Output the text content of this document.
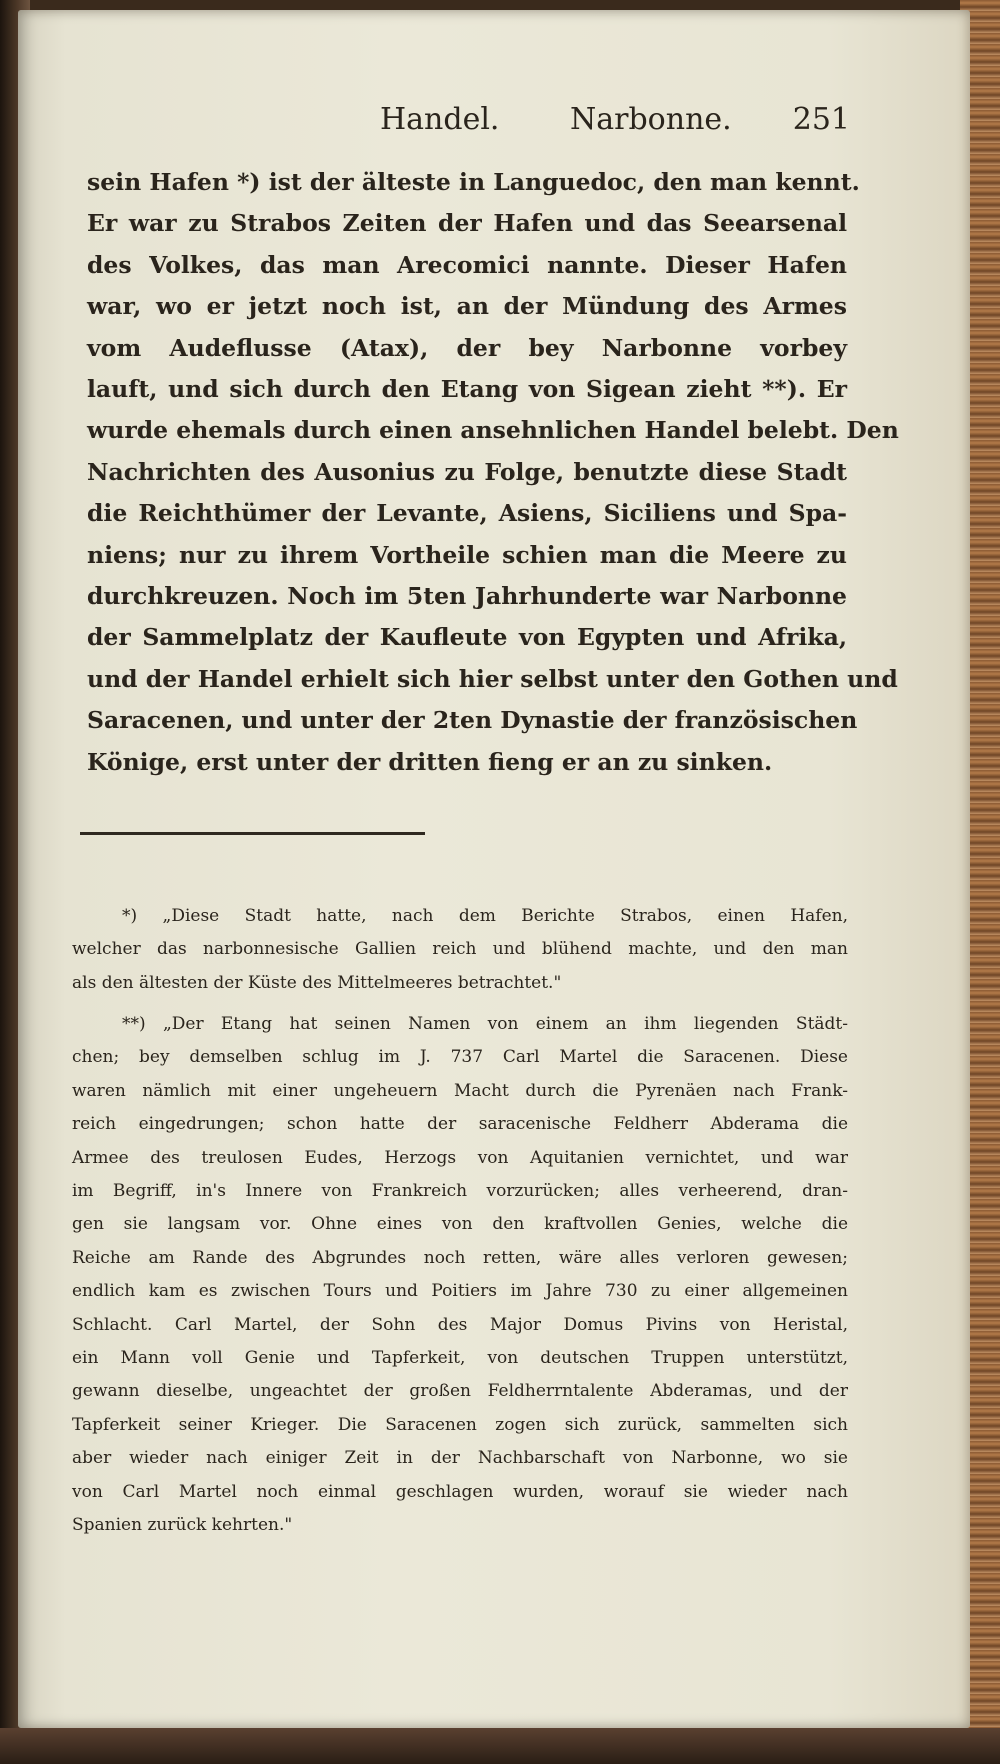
Handel. Narbonne. 251
sein Hafen *) ist der älteste in Languedoc, den man kennt.
Er war zu Strabos Zeiten der Hafen und das Seearsenal
des Volkes, das man Arecomici nannte. Dieser Hafen
war, wo er jetzt noch ist, an der Mündung des Armes
vom Audeflusse (Atax), der bey Narbonne vorbey
lauft, und sich durch den Etang von Sigean zieht **). Er
wurde ehemals durch einen ansehnlichen Handel belebt. Den
Nachrichten des Ausonius zu Folge, benutzte diese Stadt
die Reichthümer der Levante, Asiens, Siciliens und Spa-
niens; nur zu ihrem Vortheile schien man die Meere zu
durchkreuzen. Noch im 5ten Jahrhunderte war Narbonne
der Sammelplatz der Kaufleute von Egypten und Afrika,
und der Handel erhielt sich hier selbst unter den Gothen und
Saracenen, und unter der 2ten Dynastie der französischen
Könige, erst unter der dritten fieng er an zu sinken.
*) „Diese Stadt hatte, nach dem Berichte Strabos, einen Hafen,
welcher das narbonnesische Gallien reich und blühend machte, und den man
als den ältesten der Küste des Mittelmeeres betrachtet."
**) „Der Etang hat seinen Namen von einem an ihm liegenden Städt-
chen; bey demselben schlug im J. 737 Carl Martel die Saracenen. Diese
waren nämlich mit einer ungeheuern Macht durch die Pyrenäen nach Frank-
reich eingedrungen; schon hatte der saracenische Feldherr Abderama die
Armee des treulosen Eudes, Herzogs von Aquitanien vernichtet, und war
im Begriff, in's Innere von Frankreich vorzurücken; alles verheerend, dran-
gen sie langsam vor. Ohne eines von den kraftvollen Genies, welche die
Reiche am Rande des Abgrundes noch retten, wäre alles verloren gewesen;
endlich kam es zwischen Tours und Poitiers im Jahre 730 zu einer allgemeinen
Schlacht. Carl Martel, der Sohn des Major Domus Pivins von Heristal,
ein Mann voll Genie und Tapferkeit, von deutschen Truppen unterstützt,
gewann dieselbe, ungeachtet der großen Feldherrntalente Abderamas, und der
Tapferkeit seiner Krieger. Die Saracenen zogen sich zurück, sammelten sich
aber wieder nach einiger Zeit in der Nachbarschaft von Narbonne, wo sie
von Carl Martel noch einmal geschlagen wurden, worauf sie wieder nach
Spanien zurück kehrten."
